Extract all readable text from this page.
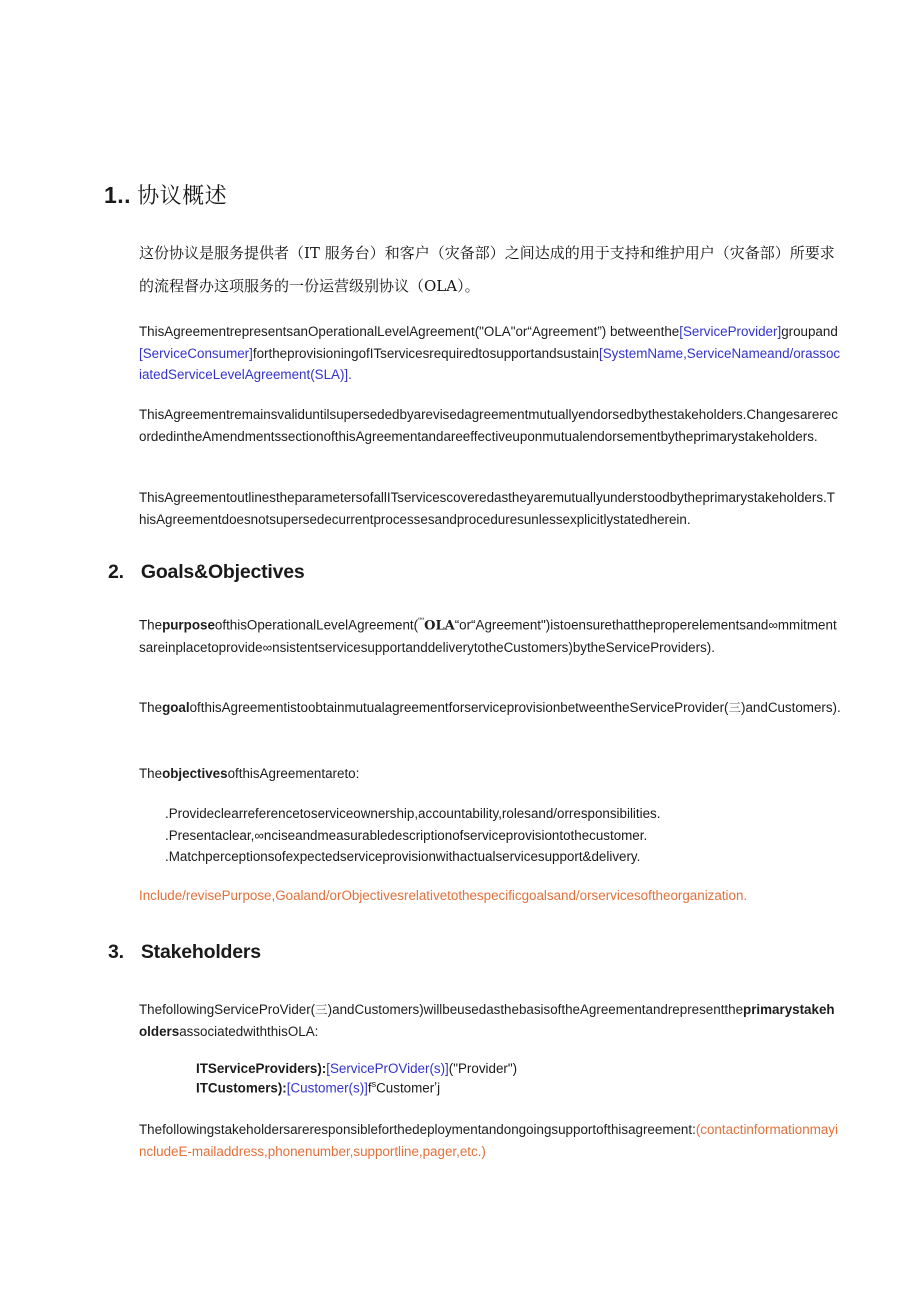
1.. 协议概述
这份协议是服务提供者（IT 服务台）和客户（灾备部）之间达成的用于支持和维护用户（灾备部）所要求的流程督办这项服务的一份运营级别协议（OLA）。
ThisAgreementrepresentsanOperationalLevelAgreement("OLA"or“Agreement”) betweenthe[ServiceProvider]groupand[ServiceConsumer]fortheprovisioningofITservicesrequiredtosupportandsustain[SystemName,ServiceNameand/orassociatedServiceLevelAgreement(SLA)].
ThisAgreementremainsvaliduntilsupersededbyarevisedagreementmutuallyendorsedbythestakeholders.ChangesarerecordedintheAmendmentssectionofthisAgreementandareeffectiveuponmutualendorsementbytheprimarystakeholders.
ThisAgreementoutlinestheparametersofallITservicescoveredastheyaremutuallyunderstoodbytheprimarystakeholders.ThisAgreementdoesnotsupersedecurrentprocessesandproceduresunlessexplicitlystatedherein.
2. Goals&Objectives
ThepurposeofthisOperationalLevelAgreement(““OLA“or“Agreement")istoensurethattheproperelementsand∞mmitmentsareinplacetoprovide∞nsistentservicesupportanddeliverytotheCustomers)bytheServiceProviders).
ThegoalofthisAgreementistoobtainmutualagreementforserviceprovisionbetweentheServiceProvider(三)andCustomers).
TheobjectivesofthisAgreementareto:
.Provideclearreferencetoserviceownership,accountability,rolesand/orresponsibilities.
.Presentaclear,∞nciseandmeasurabledescriptionofserviceprovisiontothecustomer.
.Matchperceptionsofexpectedserviceprovisionwithactualservicesupport&delivery.
Include/revisePurpose,Goaland/orObjectivesrelativetothespecificgoalsand/orservicesoftheorganization.
3. Stakeholders
ThefollowingServiceProVider(三)andCustomers)willbeusedasthebasisoftheAgreementandrepresenttheprimarystakeholdersassociatedwiththisOLA:
ITServiceProviders):[ServicePrOVider(s)]("Provider")
$ITCustomers):[Customer(s)]f^ѕCustomerʼj$
Thefollowingstakeholdersareresponsibleforthedeploymentandongoingsupportofthisagreement:(contactinformationmayincludeE-mailaddress,phonenumber,supportline,pager,etc.)
